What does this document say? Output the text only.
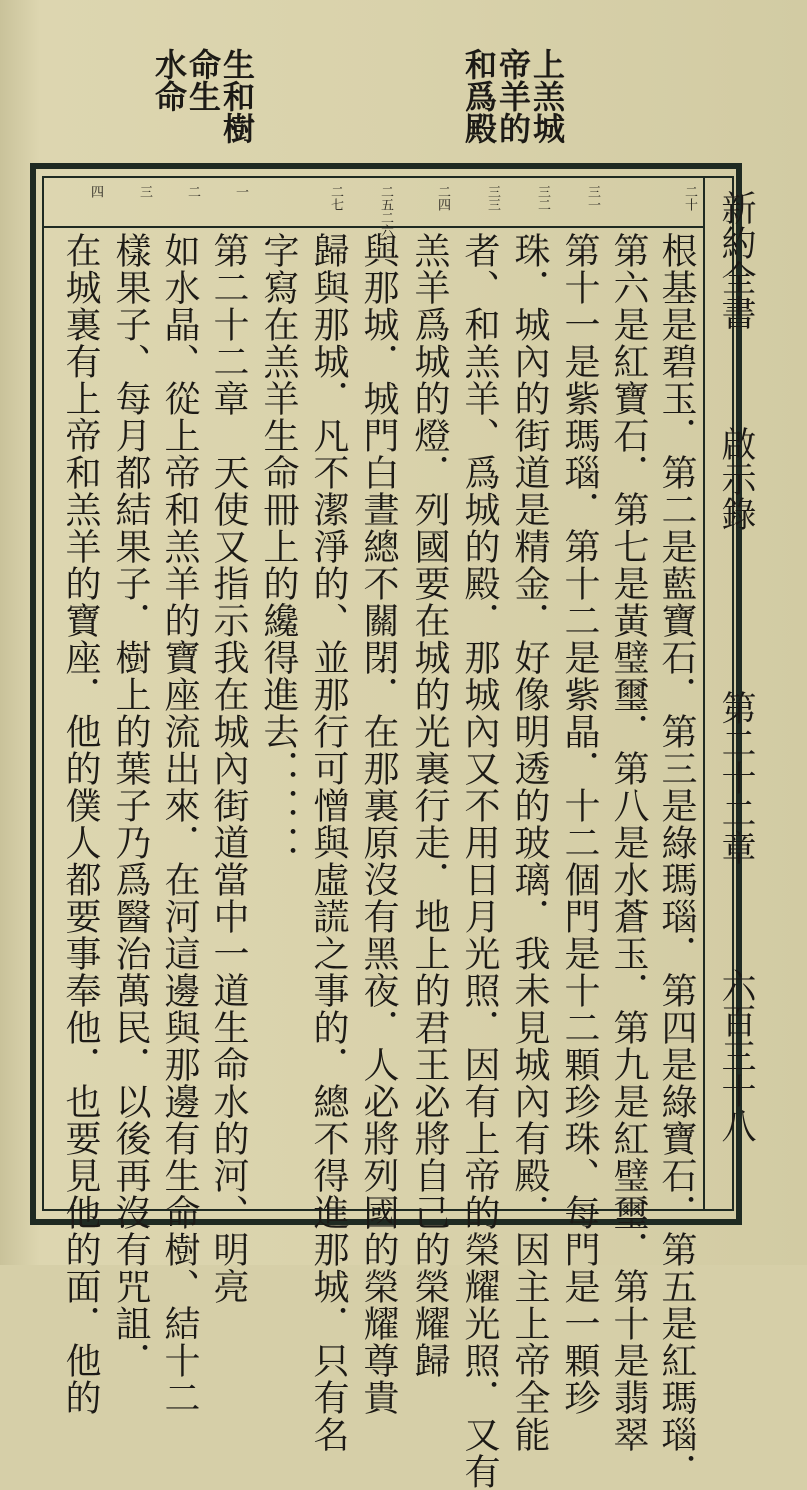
上羔城
帝羊的
和爲殿
生和樹
命生
水命
新約全書
啟示錄
第二十二章
六百三十八
二十
三一
三二
三三
二四
二五二六
二七
一
二
三
四
根基是碧玉．第二是藍寶石．第三是綠瑪瑙．第四是綠寶石．第五是紅瑪瑙．
第六是紅寶石．第七是黃璧璽．第八是水蒼玉．第九是紅璧璽．第十是翡翠
第十一是紫瑪瑙．第十二是紫晶．十二個門是十二顆珍珠、每門是一顆珍
珠．城內的街道是精金．好像明透的玻璃．我未見城內有殿．因主上帝全能
者、和羔羊、爲城的殿．那城內又不用日月光照．因有上帝的榮耀光照．又有
羔羊爲城的燈．列國要在城的光裏行走．地上的君王必將自己的榮耀歸
與那城．城門白晝總不關閉．在那裏原沒有黑夜．人必將列國的榮耀尊貴
歸與那城．凡不潔淨的、並那行可憎與虛謊之事的．總不得進那城．只有名
字寫在羔羊生命冊上的纔得進去．．．．．．
第二十二章　天使又指示我在城內街道當中一道生命水的河、明亮
如水晶、從上帝和羔羊的寶座流出來．在河這邊與那邊有生命樹、結十二
樣果子、每月都結果子．樹上的葉子乃爲醫治萬民．以後再沒有咒詛．
在城裏有上帝和羔羊的寶座．他的僕人都要事奉他．也要見他的面．他的
